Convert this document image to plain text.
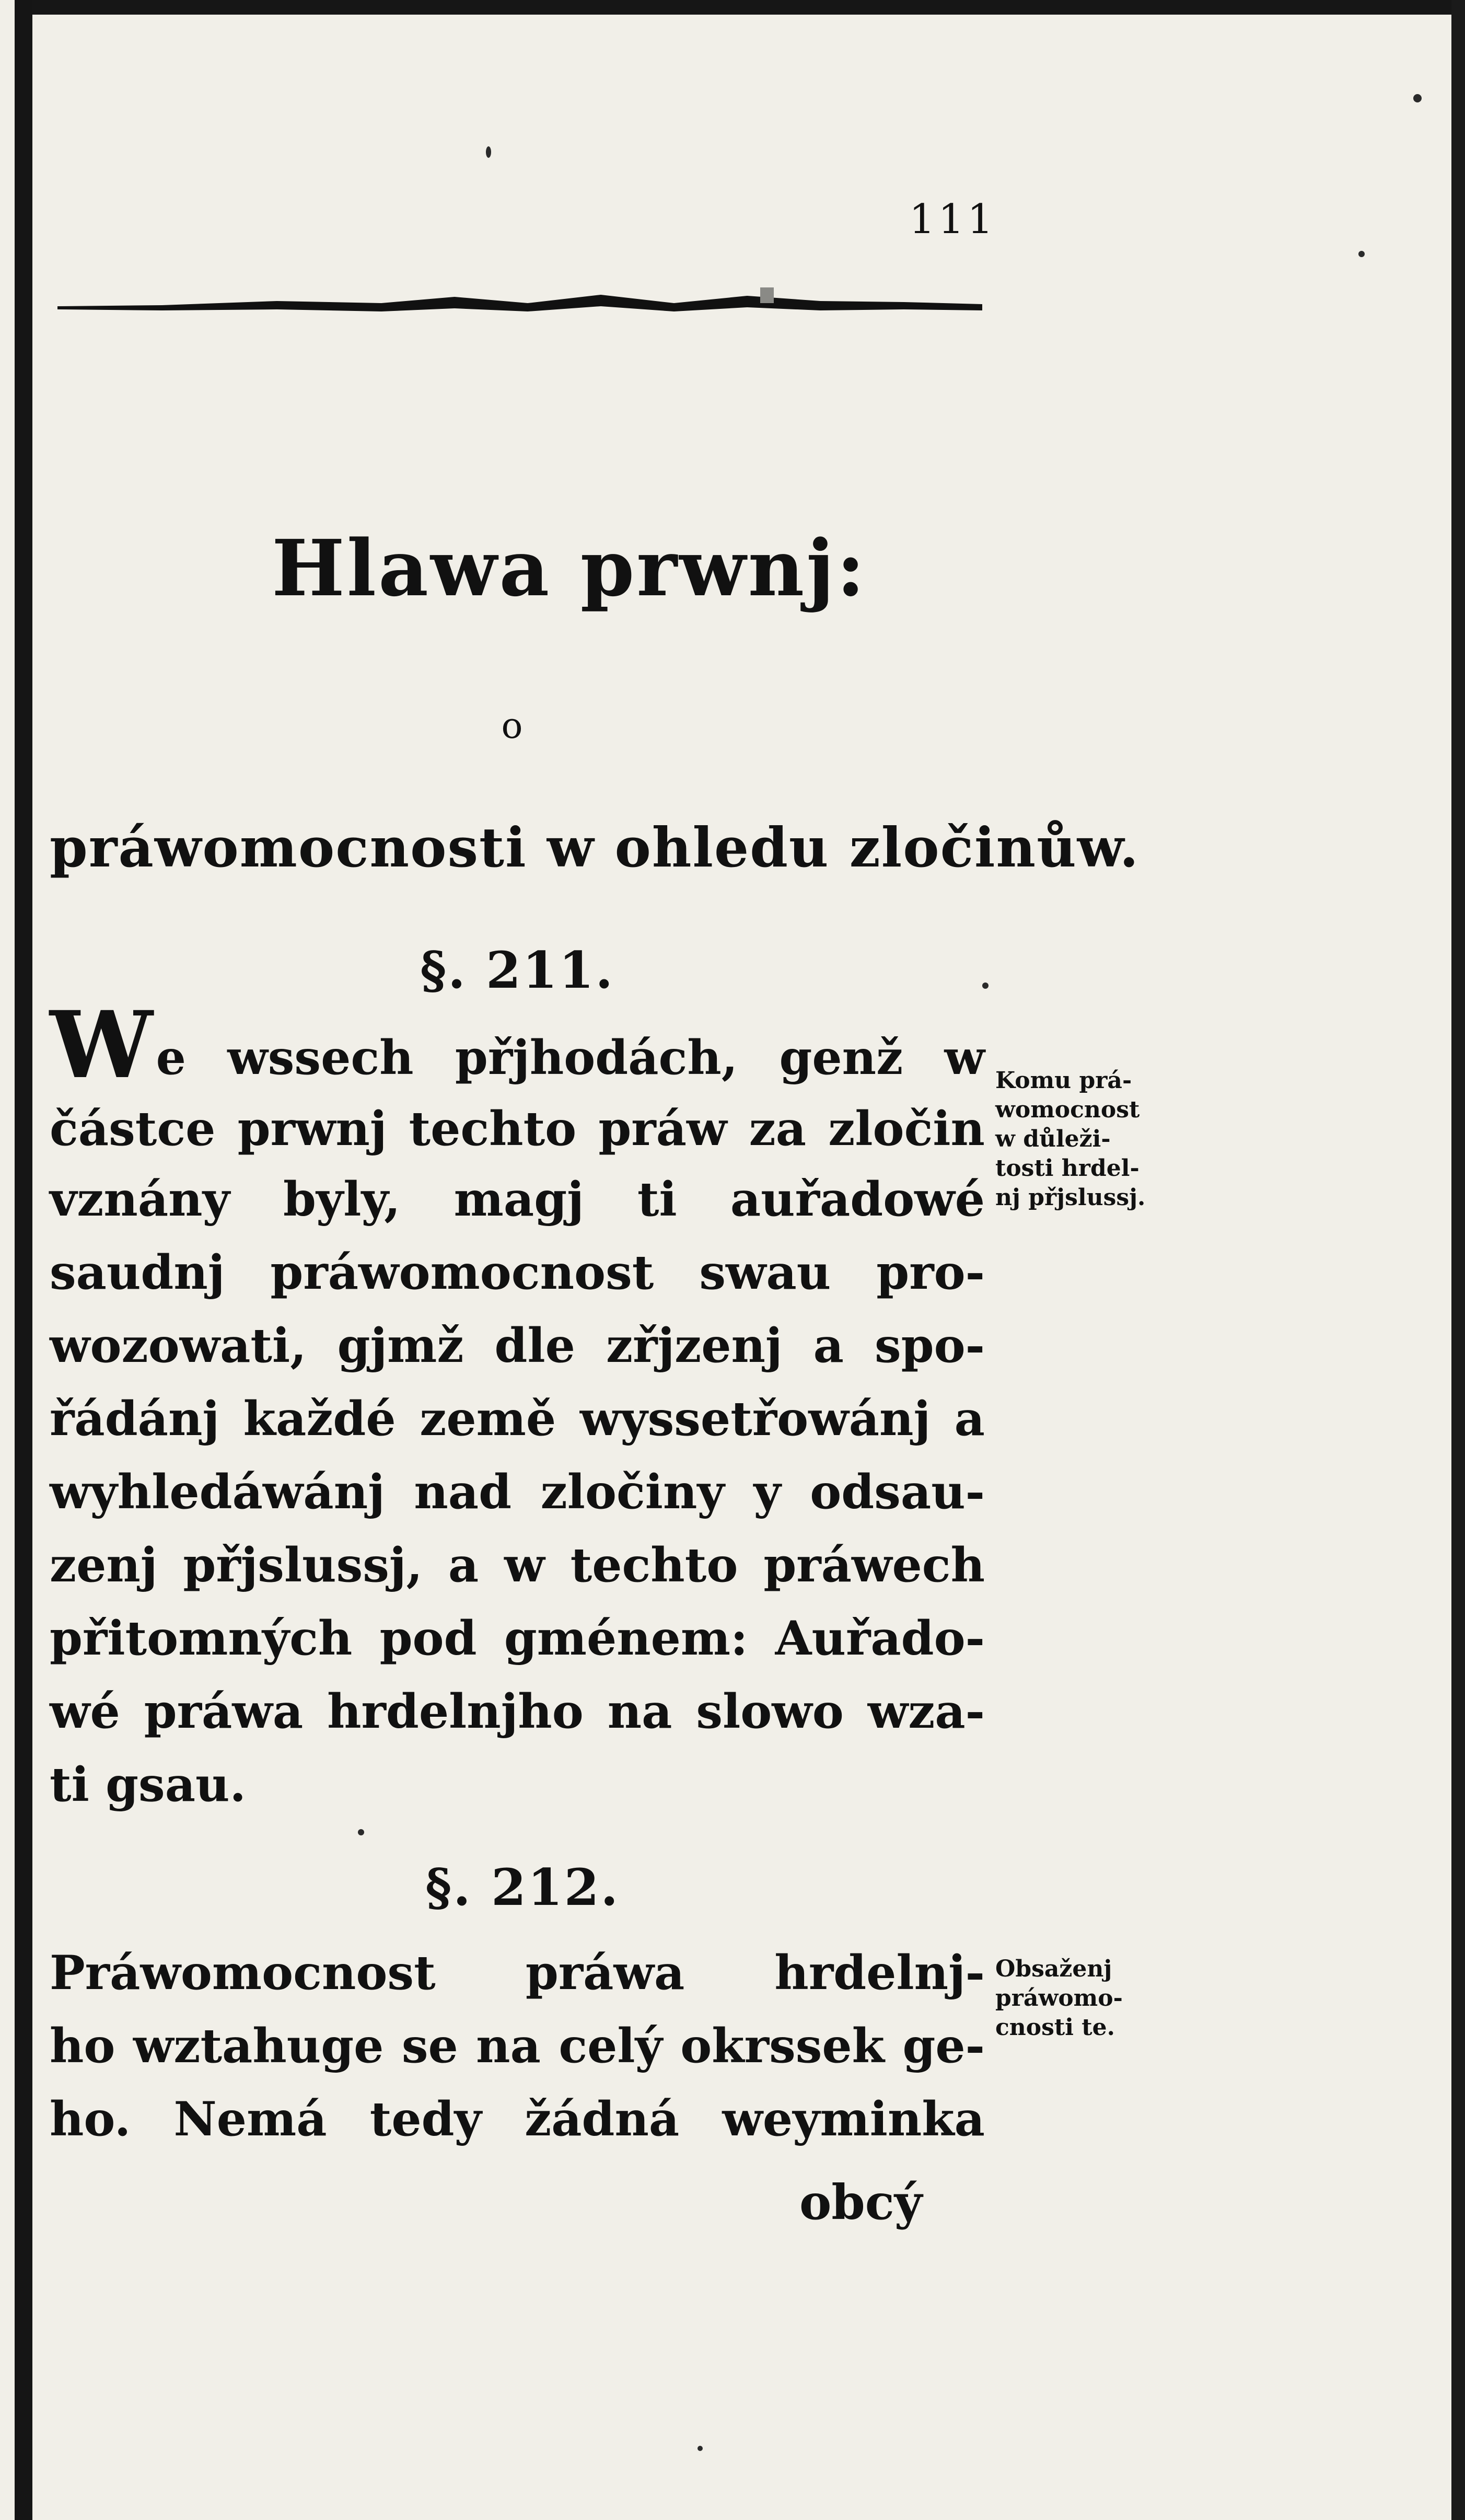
111
Hlawa prwnj:
o
práwomocnosti w ohledu zločinůw.
§. 211.
We wssech přjhodách, genž w
částce prwnj techto práw za zločin
vznány byly, magj ti auřadowé
saudnj práwomocnost swau pro-
wozowati, gjmž dle zřjzenj a spo-
řádánj každé země wyssetřowánj a
wyhledáwánj nad zločiny y odsau-
zenj přjslussj, a w techto práwech
přitomných pod gménem: Auřado-
wé práwa hrdelnjho na slowo wza-
ti gsau.
Komu prá-
womocnost
w důleži-
tosti hrdel-
nj přjslussj.
§. 212.
Práwomocnost práwa hrdelnj-
ho wztahuge se na celý okrssek ge-
ho. Nemá tedy žádná weyminka
Obsaženj
práwomo-
cnosti te.
obcý
